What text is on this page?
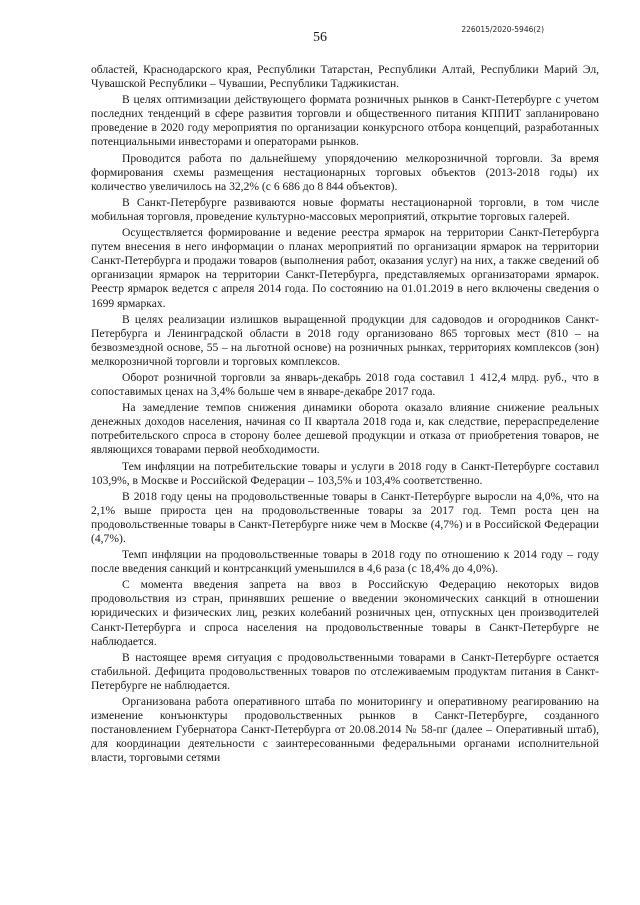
226015/2020-5946(2)
56

областей, Краснодарского края, Республики Татарстан, Республики Алтай, Республики Марий Эл, Чувашской Республики – Чувашии, Республики Таджикистан.

В целях оптимизации действующего формата розничных рынков в Санкт-Петербурге с учетом последних тенденций в сфере развития торговли и общественного питания КППИТ запланировано проведение в 2020 году мероприятия по организации конкурсного отбора концепций, разработанных потенциальными инвесторами и операторами рынков.

Проводится работа по дальнейшему упорядочению мелкорозничной торговли. За время формирования схемы размещения нестационарных торговых объектов (2013-2018 годы) их количество увеличилось на 32,2% (с 6 686 до 8 844 объектов).

В Санкт-Петербурге развиваются новые форматы нестационарной торговли, в том числе мобильная торговля, проведение культурно-массовых мероприятий, открытие торговых галерей.

Осуществляется формирование и ведение реестра ярмарок на территории Санкт-Петербурга путем внесения в него информации о планах мероприятий по организации ярмарок на территории Санкт-Петербурга и продажи товаров (выполнения работ, оказания услуг) на них, а также сведений об организации ярмарок на территории Санкт-Петербурга, представляемых организаторами ярмарок. Реестр ярмарок ведется с апреля 2014 года. По состоянию на 01.01.2019 в него включены сведения о 1699 ярмарках.

В целях реализации излишков выращенной продукции для садоводов и огородников Санкт-Петербурга и Ленинградской области в 2018 году организовано 865 торговых мест (810 – на безвозмездной основе, 55 – на льготной основе) на розничных рынках, территориях комплексов (зон) мелкорозничной торговли и торговых комплексов.

Оборот розничной торговли за январь-декабрь 2018 года составил 1 412,4 млрд. руб., что в сопоставимых ценах на 3,4% больше чем в январе-декабре 2017 года.

На замедление темпов снижения динамики оборота оказало влияние снижение реальных денежных доходов населения, начиная со II квартала 2018 года и, как следствие, перераспределение потребительского спроса в сторону более дешевой продукции и отказа от приобретения товаров, не являющихся товарами первой необходимости.

Тем инфляции на потребительские товары и услуги в 2018 году в Санкт-Петербурге составил 103,9%, в Москве и Российской Федерации – 103,5% и 103,4% соответственно.

В 2018 году цены на продовольственные товары в Санкт-Петербурге выросли на 4,0%, что на 2,1% выше прироста цен на продовольственные товары за 2017 год. Темп роста цен на продовольственные товары в Санкт-Петербурге ниже чем в Москве (4,7%) и в Российской Федерации (4,7%).

Темп инфляции на продовольственные товары в 2018 году по отношению к 2014 году – году после введения санкций и контрсанкций уменьшился в 4,6 раза (с 18,4% до 4,0%).

С момента введения запрета на ввоз в Российскую Федерацию некоторых видов продовольствия из стран, принявших решение о введении экономических санкций в отношении юридических и физических лиц, резких колебаний розничных цен, отпускных цен производителей Санкт-Петербурга и спроса населения на продовольственные товары в Санкт-Петербурге не наблюдается.

В настоящее время ситуация с продовольственными товарами в Санкт-Петербурге остается стабильной. Дефицита продовольственных товаров по отслеживаемым продуктам питания в Санкт-Петербурге не наблюдается.

Организована работа оперативного штаба по мониторингу и оперативному реагированию на изменение конъюнктуры продовольственных рынков в Санкт-Петербурге, созданного постановлением Губернатора Санкт-Петербурга от 20.08.2014 № 58-пг (далее – Оперативный штаб), для координации деятельности с заинтересованными федеральными органами исполнительной власти, торговыми сетями
